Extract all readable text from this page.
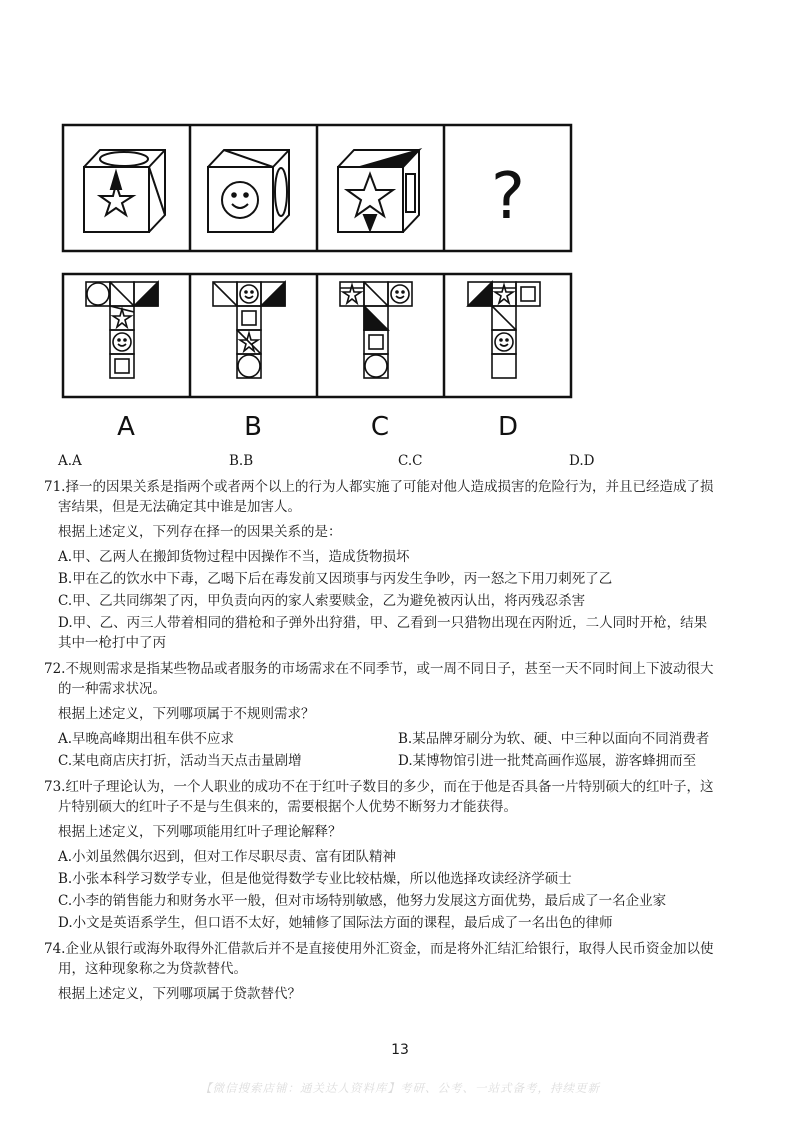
?
A	B	C	D
A.A	B.B	C.C	D.D
71.择一的因果关系是指两个或者两个以上的行为人都实施了可能对他人造成损害的危险行为，并且已经造成了损
害结果，但是无法确定其中谁是加害人。
根据上述定义，下列存在择一的因果关系的是：
A.甲、乙两人在搬卸货物过程中因操作不当，造成货物损坏
B.甲在乙的饮水中下毒，乙喝下后在毒发前又因琐事与丙发生争吵，丙一怒之下用刀刺死了乙
C.甲、乙共同绑架了丙，甲负责向丙的家人索要赎金，乙为避免被丙认出，将丙残忍杀害
D.甲、乙、丙三人带着相同的猎枪和子弹外出狩猎，甲、乙看到一只猎物出现在丙附近，二人同时开枪，结果
其中一枪打中了丙
72.不规则需求是指某些物品或者服务的市场需求在不同季节，或一周不同日子，甚至一天不同时间上下波动很大
的一种需求状况。
根据上述定义，下列哪项属于不规则需求？
A.早晚高峰期出租车供不应求	B.某品牌牙刷分为软、硬、中三种以面向不同消费者
C.某电商店庆打折，活动当天点击量剧增	D.某博物馆引进一批梵高画作巡展，游客蜂拥而至
73.红叶子理论认为，一个人职业的成功不在于红叶子数目的多少，而在于他是否具备一片特别硕大的红叶子，这
片特别硕大的红叶子不是与生俱来的，需要根据个人优势不断努力才能获得。
根据上述定义，下列哪项能用红叶子理论解释？
A.小刘虽然偶尔迟到，但对工作尽职尽责、富有团队精神
B.小张本科学习数学专业，但是他觉得数学专业比较枯燥，所以他选择攻读经济学硕士
C.小李的销售能力和财务水平一般，但对市场特别敏感，他努力发展这方面优势，最后成了一名企业家
D.小文是英语系学生，但口语不太好，她辅修了国际法方面的课程，最后成了一名出色的律师
74.企业从银行或海外取得外汇借款后并不是直接使用外汇资金，而是将外汇结汇给银行，取得人民币资金加以使
用，这种现象称之为贷款替代。
根据上述定义，下列哪项属于贷款替代？
13
【微信搜索店铺：通关达人资料库】考研、公考、一站式备考，持续更新
